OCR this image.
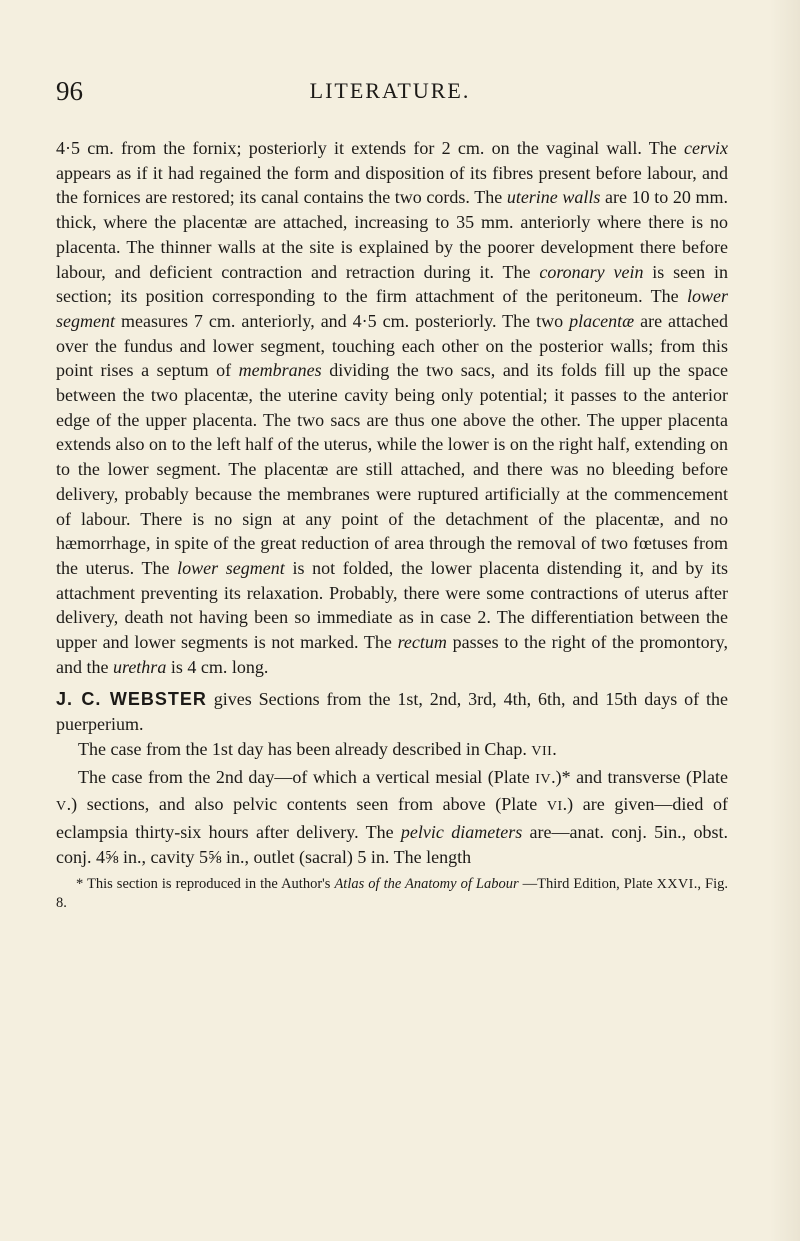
96	LITERATURE.

4·5 cm. from the fornix; posteriorly it extends for 2 cm. on the vaginal wall. The cervix appears as if it had regained the form and disposition of its fibres present before labour, and the fornices are restored; its canal contains the two cords. The uterine walls are 10 to 20 mm. thick, where the placentæ are attached, increasing to 35 mm. anteriorly where there is no placenta. The thinner walls at the site is explained by the poorer development there before labour, and deficient contraction and retraction during it. The coronary vein is seen in section; its position corresponding to the firm attachment of the peritoneum. The lower segment measures 7 cm. anteriorly, and 4·5 cm. posteriorly. The two placentæ are attached over the fundus and lower segment, touching each other on the posterior walls; from this point rises a septum of membranes dividing the two sacs, and its folds fill up the space between the two placentæ, the uterine cavity being only potential; it passes to the anterior edge of the upper placenta. The two sacs are thus one above the other. The upper placenta extends also on to the left half of the uterus, while the lower is on the right half, extending on to the lower segment. The placentæ are still attached, and there was no bleeding before delivery, probably because the membranes were ruptured artificially at the commencement of labour. There is no sign at any point of the detachment of the placentæ, and no hæmorrhage, in spite of the great reduction of area through the removal of two fœtuses from the uterus. The lower segment is not folded, the lower placenta distending it, and by its attachment preventing its relaxation. Probably, there were some contractions of uterus after delivery, death not having been so immediate as in case 2. The differentiation between the upper and lower segments is not marked. The rectum passes to the right of the promontory, and the urethra is 4 cm. long.

J. C. WEBSTER gives Sections from the 1st, 2nd, 3rd, 4th, 6th, and 15th days of the puerperium.

The case from the 1st day has been already described in Chap. VII.

The case from the 2nd day—of which a vertical mesial (Plate IV.)* and transverse (Plate V.) sections, and also pelvic contents seen from above (Plate VI.) are given—died of eclampsia thirty-six hours after delivery. The pelvic diameters are—anat. conj. 5in., obst. conj. 4⅝ in., cavity 5⅝ in., outlet (sacral) 5 in. The length

* This section is reproduced in the Author's Atlas of the Anatomy of Labour —Third Edition, Plate XXVI., Fig. 8.
